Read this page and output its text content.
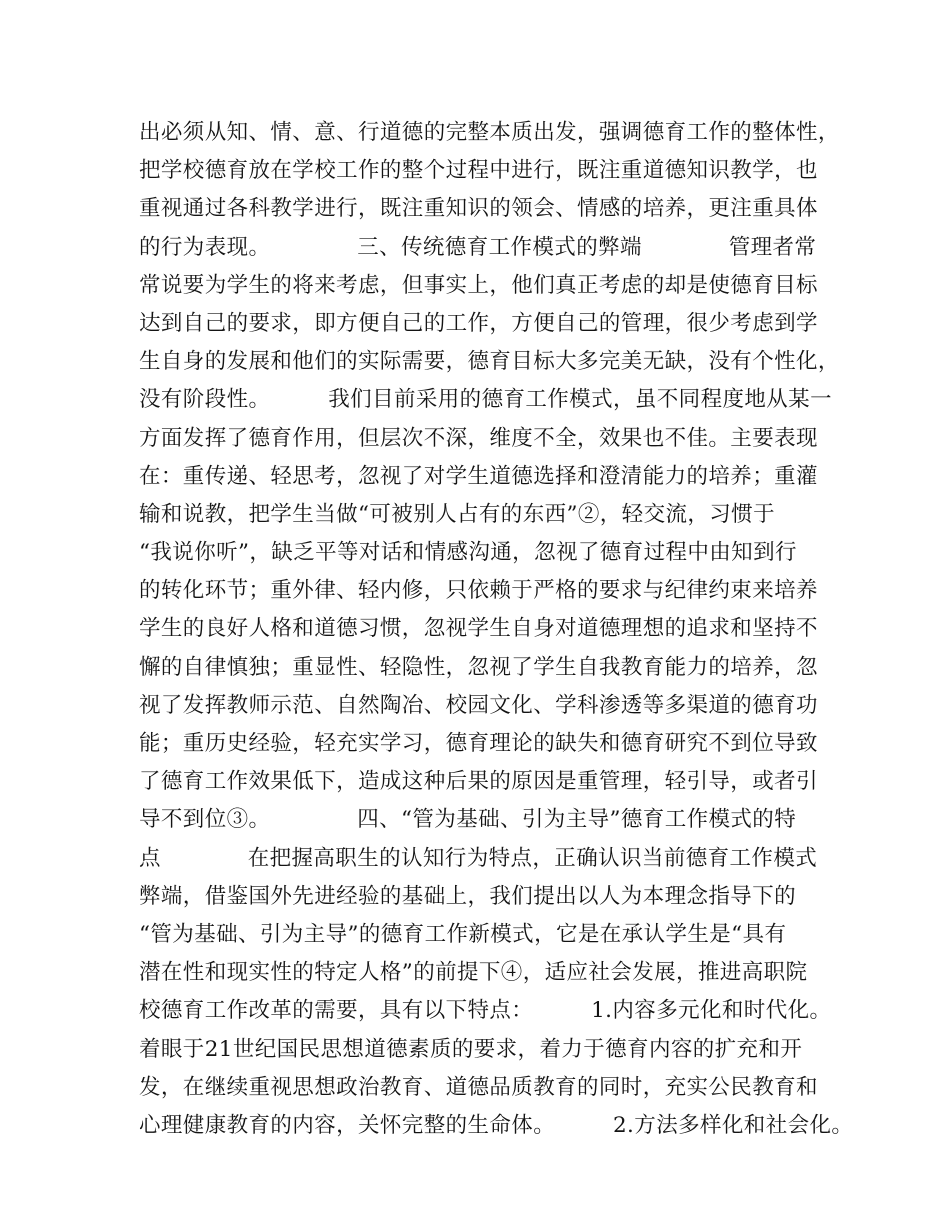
出必须从知、情、意、行道德的完整本质出发，强调德育工作的整体性，
把学校德育放在学校工作的整个过程中进行，既注重道德知识教学，也
重视通过各科教学进行，既注重知识的领会、情感的培养，更注重具体
的行为表现。            三、传统德育工作模式的弊端            管理者常
常说要为学生的将来考虑，但事实上，他们真正考虑的却是使德育目标
达到自己的要求，即方便自己的工作，方便自己的管理，很少考虑到学
生自身的发展和他们的实际需要，德育目标大多完美无缺，没有个性化，
没有阶段性。        我们目前采用的德育工作模式，虽不同程度地从某一
方面发挥了德育作用，但层次不深，维度不全，效果也不佳。主要表现
在：重传递、轻思考，忽视了对学生道德选择和澄清能力的培养；重灌
输和说教，把学生当做“可被别人占有的东西”②，轻交流，习惯于
“我说你听”，缺乏平等对话和情感沟通，忽视了德育过程中由知到行
的转化环节；重外律、轻内修，只依赖于严格的要求与纪律约束来培养
学生的良好人格和道德习惯，忽视学生自身对道德理想的追求和坚持不
懈的自律慎独；重显性、轻隐性，忽视了学生自我教育能力的培养，忽
视了发挥教师示范、自然陶冶、校园文化、学科渗透等多渠道的德育功
能；重历史经验，轻充实学习，德育理论的缺失和德育研究不到位导致
了德育工作效果低下，造成这种后果的原因是重管理，轻引导，或者引
导不到位③。            四、“管为基础、引为主导”德育工作模式的特
点            在把握高职生的认知行为特点，正确认识当前德育工作模式
弊端，借鉴国外先进经验的基础上，我们提出以人为本理念指导下的
“管为基础、引为主导”的德育工作新模式，它是在承认学生是“具有
潜在性和现实性的特定人格”的前提下④，适应社会发展，推进高职院
校德育工作改革的需要，具有以下特点：        1.内容多元化和时代化。
着眼于21世纪国民思想道德素质的要求，着力于德育内容的扩充和开
发，在继续重视思想政治教育、道德品质教育的同时，充实公民教育和
心理健康教育的内容，关怀完整的生命体。        2.方法多样化和社会化。
